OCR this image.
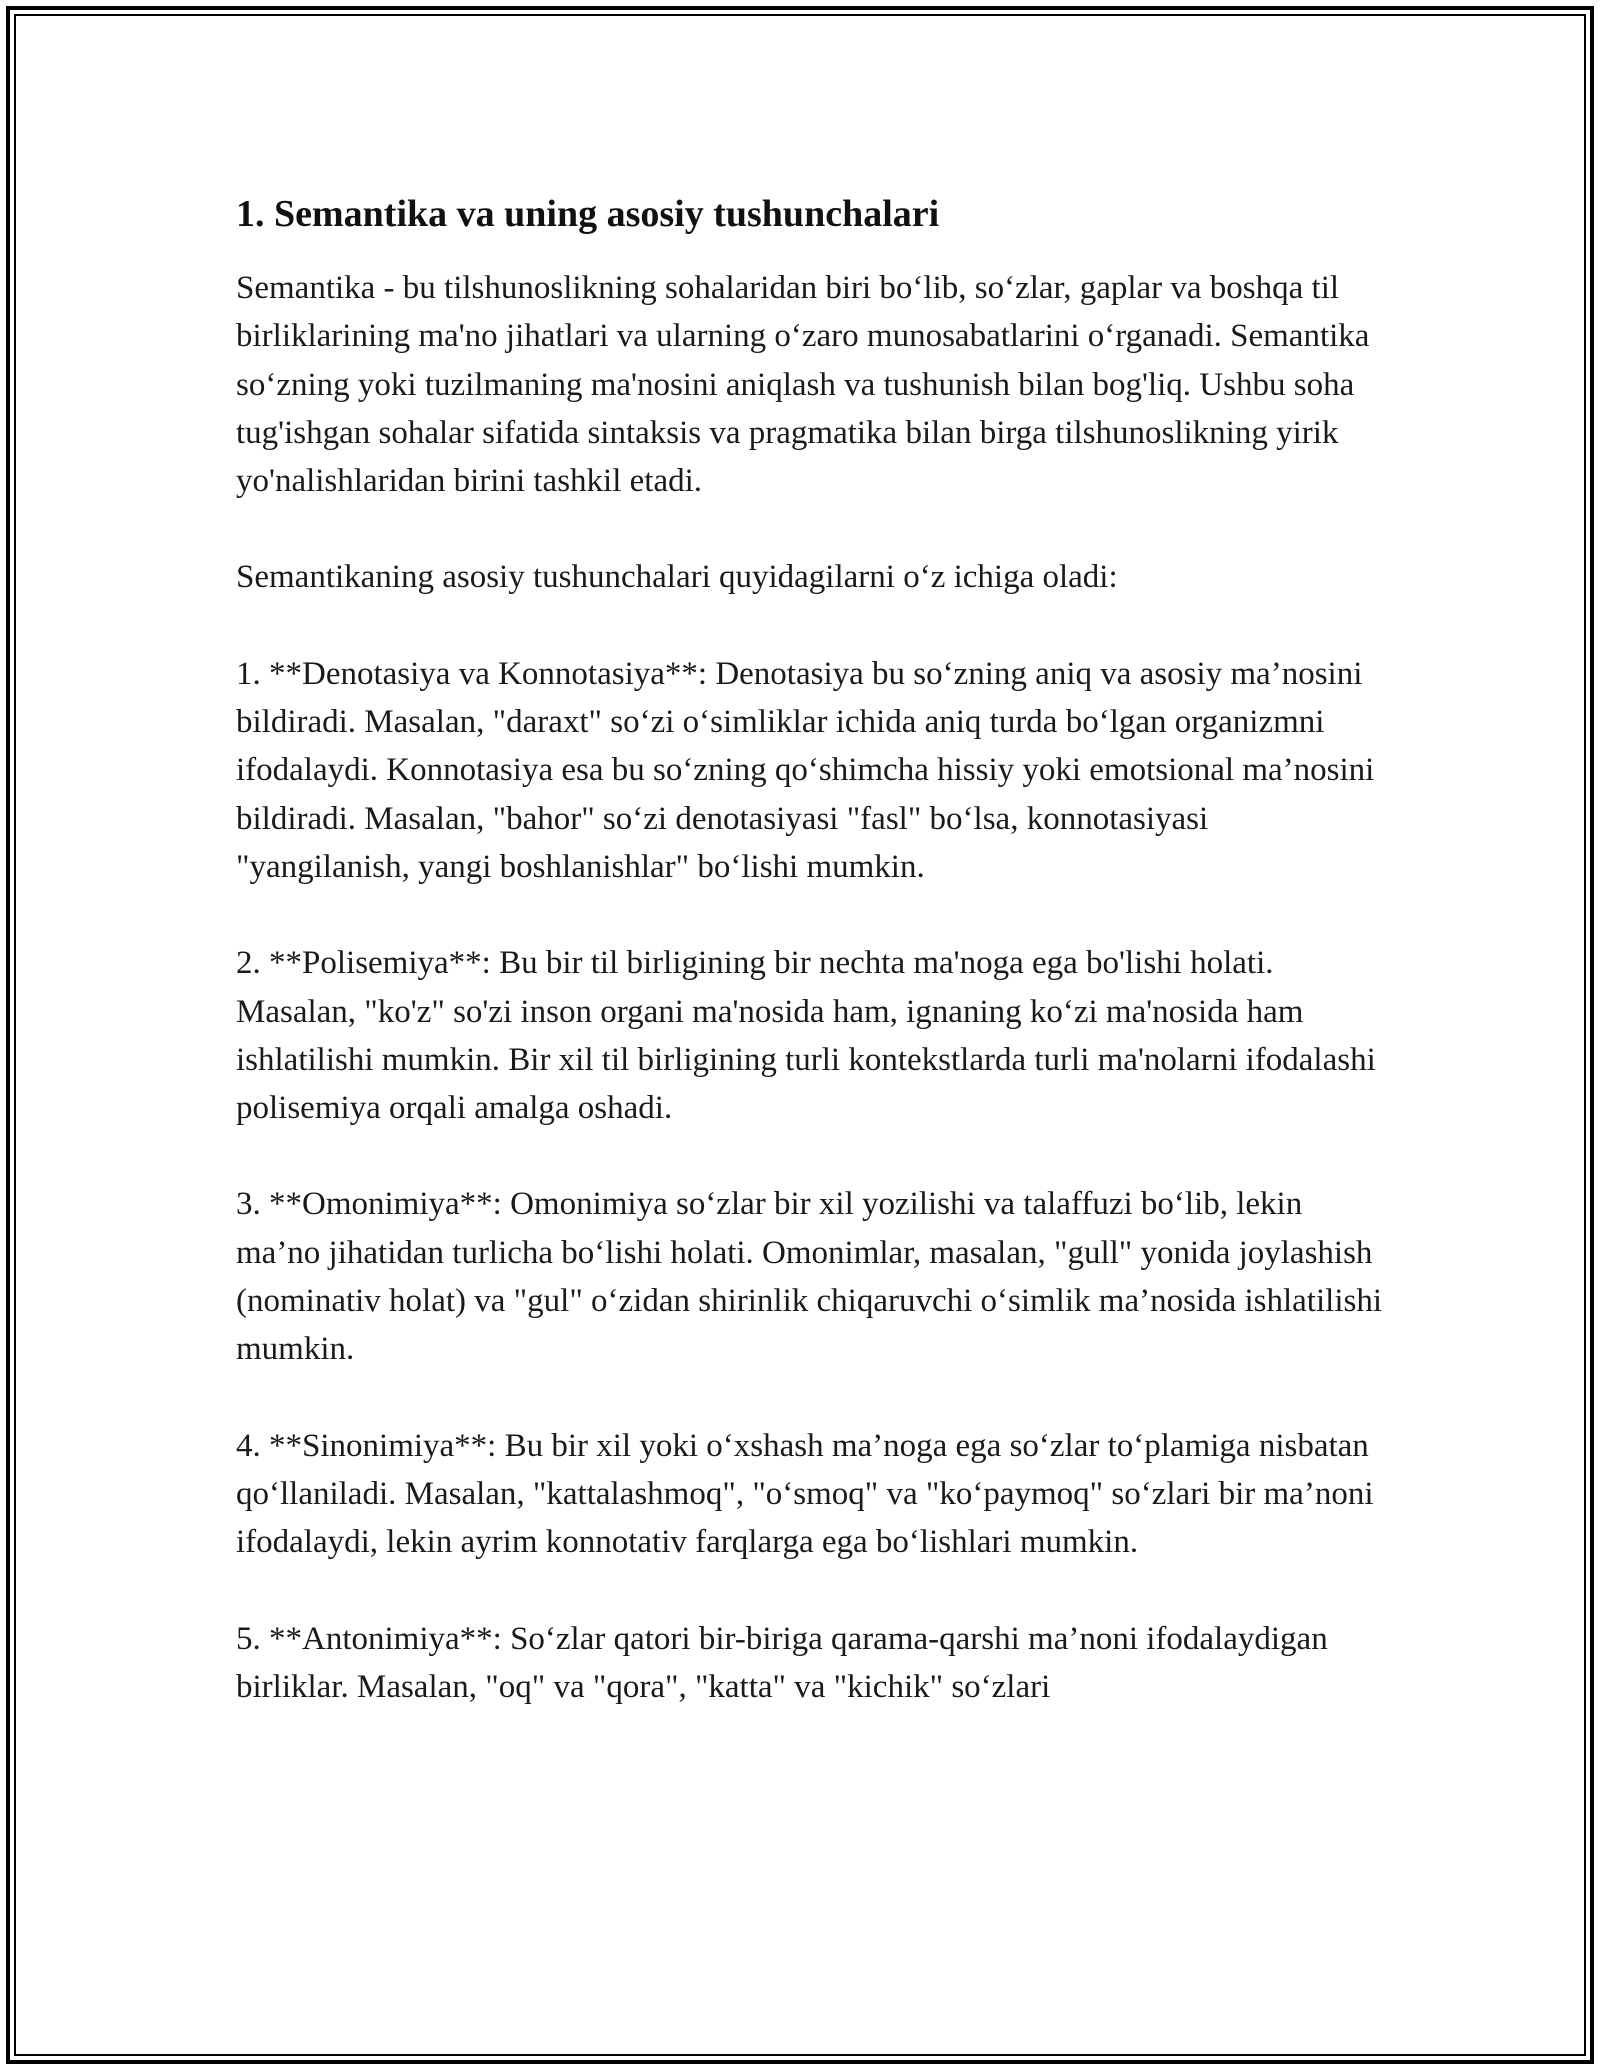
1. Semantika va uning asosiy tushunchalari

Semantika - bu tilshunoslikning sohalaridan biri bo‘lib, so‘zlar, gaplar va boshqa til birliklarining ma'no jihatlari va ularning o‘zaro munosabatlarini o‘rganadi. Semantika so‘zning yoki tuzilmaning ma'nosini aniqlash va tushunish bilan bog'liq. Ushbu soha tug'ishgan sohalar sifatida sintaksis va pragmatika bilan birga tilshunoslikning yirik yo'nalishlaridan birini tashkil etadi.

Semantikaning asosiy tushunchalari quyidagilarni o‘z ichiga oladi:

1. **Denotasiya va Konnotasiya**: Denotasiya bu so‘zning aniq va asosiy ma’nosini bildiradi. Masalan, "daraxt" so‘zi o‘simliklar ichida aniq turda bo‘lgan organizmni ifodalaydi. Konnotasiya esa bu so‘zning qo‘shimcha hissiy yoki emotsional ma’nosini bildiradi. Masalan, "bahor" so‘zi denotasiyasi "fasl" bo‘lsa, konnotasiyasi "yangilanish, yangi boshlanishlar" bo‘lishi mumkin.

2. **Polisemiya**: Bu bir til birligining bir nechta ma'noga ega bo'lishi holati. Masalan, "ko'z" so'zi inson organi ma'nosida ham, ignaning ko‘zi ma'nosida ham ishlatilishi mumkin. Bir xil til birligining turli kontekstlarda turli ma'nolarni ifodalashi polisemiya orqali amalga oshadi.

3. **Omonimiya**: Omonimiya so‘zlar bir xil yozilishi va talaffuzi bo‘lib, lekin ma’no jihatidan turlicha bo‘lishi holati. Omonimlar, masalan, "gull" yonida joylashish (nominativ holat) va "gul" o‘zidan shirinlik chiqaruvchi o‘simlik ma’nosida ishlatilishi mumkin.

4. **Sinonimiya**: Bu bir xil yoki o‘xshash ma’noga ega so‘zlar to‘plamiga nisbatan qo‘llaniladi. Masalan, "kattalashmoq", "o‘smoq" va "ko‘paymoq" so‘zlari bir ma’noni ifodalaydi, lekin ayrim konnotativ farqlarga ega bo‘lishlari mumkin.

5. **Antonimiya**: So‘zlar qatori bir-biriga qarama-qarshi ma’noni ifodalaydigan birliklar. Masalan, "oq" va "qora", "katta" va "kichik" so‘zlari
